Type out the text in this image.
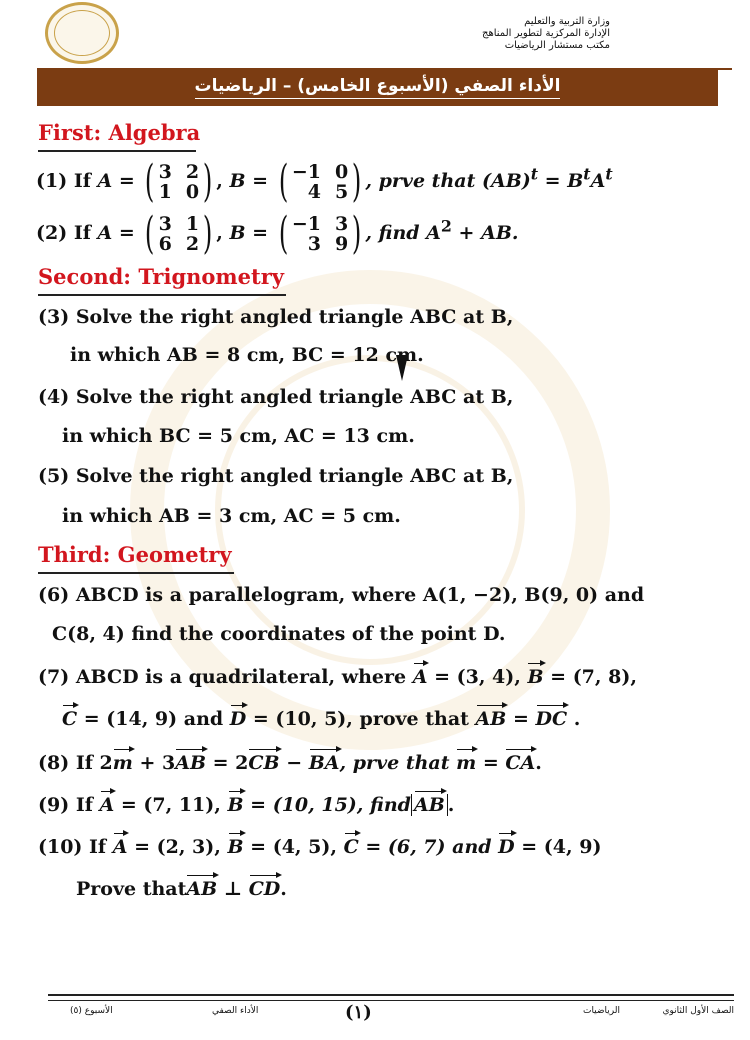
وزارة التربية والتعليم
الإدارة المركزية لتطوير المناهج
مكتب مستشار الرياضيات
الأداء الصفي (الأسبوع الخامس) – الرياضيات
First: Algebra
(1) If A = ( 3 2
1 0 ) , B = ( −1 0
4 5 ) , prve that $(AB)^t = B^tA^t$
(2) If A = ( 3 1
6 2 ) , B = ( −1 3
3 9 ) , find $A^2$ + AB.
Second: Trignometry
(3) Solve the right angled triangle ABC at B,
in which AB = 8 cm, BC = 12 cm.
(4) Solve the right angled triangle ABC at B,
in which BC = 5 cm, AC = 13 cm.
(5) Solve the right angled triangle ABC at B,
in which AB = 3 cm, AC = 5 cm.
Third: Geometry
(6) ABCD is a parallelogram, where A(1, −2), B(9, 0) and
C(8, 4) find the coordinates of the point D.
(7) ABCD is a quadrilateral, where A = (3, 4), B = (7, 8),
C = (14, 9) and D = (10, 5), prove that AB = DC .
(8) If 2m + 3AB = 2CB − BA, prve that m = CA.
(9) If A = (7, 11), B = (10, 15), find AB .
(10) If A = (2, 3), B = (4, 5), C = (6, 7) and D = (4, 9)
Prove thatAB ⊥ CD.
الصف الأول الثانوي
الرياضيات
(١)
الأداء الصفي
الأسبوع (٥)
